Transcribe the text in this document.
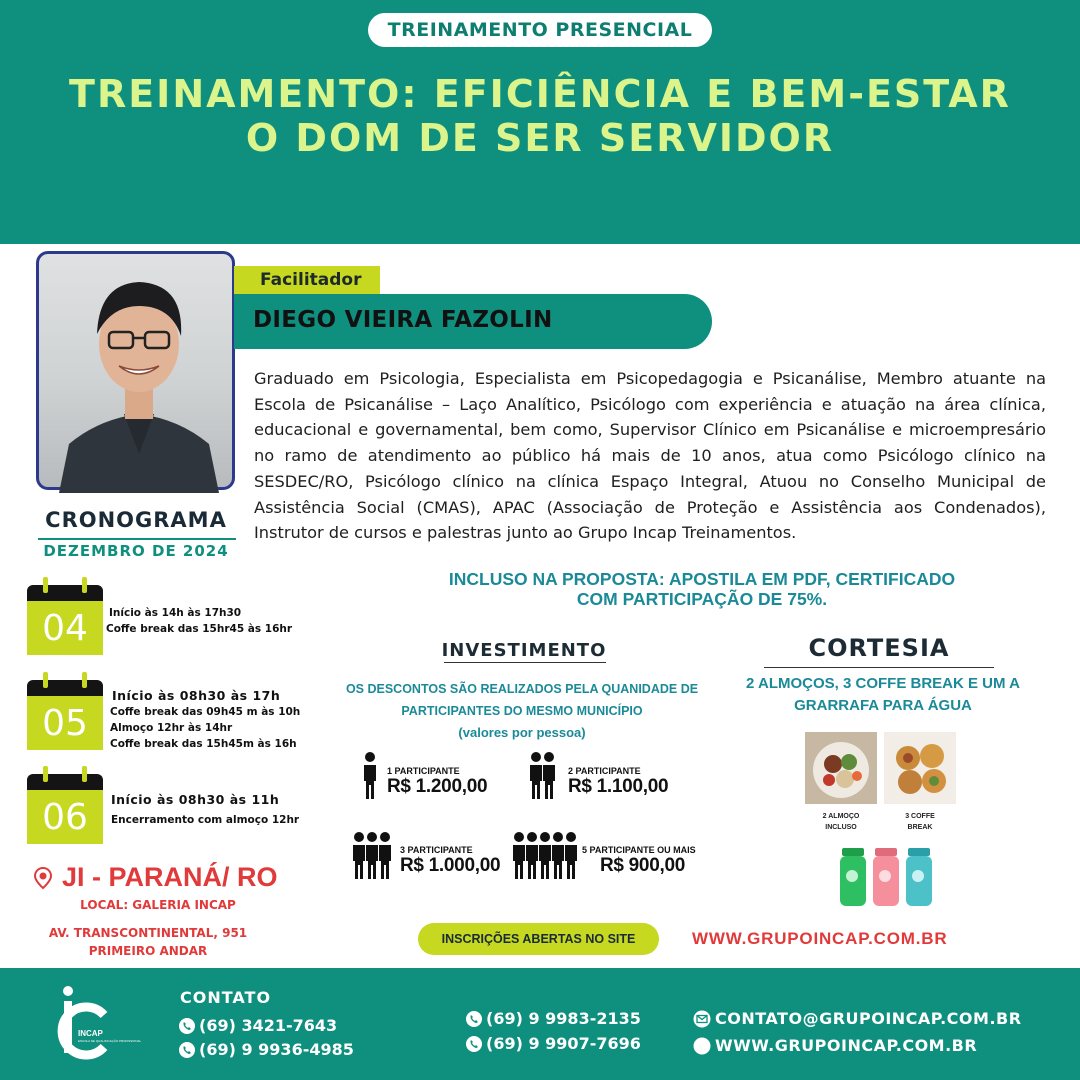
TREINAMENTO PRESENCIAL
TREINAMENTO: EFICIÊNCIA E BEM-ESTAR O DOM DE SER SERVIDOR
Facilitador
DIEGO VIEIRA FAZOLIN
Graduado em Psicologia, Especialista em Psicopedagogia e Psicanálise, Membro atuante na Escola de Psicanálise – Laço Analítico, Psicólogo com experiência e atuação na área clínica, educacional e governamental, bem como, Supervisor Clínico em Psicanálise e microempresário no ramo de atendimento ao público há mais de 10 anos, atua como Psicólogo clínico na SESDEC/RO, Psicólogo clínico na clínica Espaço Integral, Atuou no Conselho Municipal de Assistência Social (CMAS), APAC (Associação de Proteção e Assistência aos Condenados), Instrutor de cursos e palestras junto ao Grupo Incap Treinamentos.
CRONOGRAMA
DEZEMBRO DE 2024
04	Início às 14h às 17h30
Coffe break das 15hr45 às 16hr
05
Início às 08h30 às 17h
Coffe break das 09h45 m às 10h
Almoço 12hr às 14hr
Coffe break das 15h45m às 16h
06	Início às 08h30 às 11h
Encerramento com almoço 12hr
JI - PARANÁ/ RO
LOCAL: GALERIA INCAP
AV. TRANSCONTINENTAL, 951
PRIMEIRO ANDAR
INCLUSO NA PROPOSTA: APOSTILA EM PDF, CERTIFICADO
COM PARTICIPAÇÃO DE 75%.
INVESTIMENTO
OS DESCONTOS SÃO REALIZADOS PELA QUANIDADE DE
PARTICIPANTES DO MESMO MUNICÍPIO
(valores por pessoa)
1 PARTICIPANTE
R$ 1.200,00
2 PARTICIPANTE
R$ 1.100,00
3 PARTICIPANTE
R$ 1.000,00
5 PARTICIPANTE OU MAIS
R$ 900,00
CORTESIA
2 ALMOÇOS, 3 COFFE BREAK E UM A
GRARRAFA PARA ÁGUA
2 ALMOÇO
INCLUSO
3 COFFE
BREAK
INSCRIÇÕES ABERTAS NO SITE	WWW.GRUPOINCAP.COM.BR
INCAP
ESCOLA DE QUALIFICAÇÃO PROFISSIONAL
CONTATO
(69) 3421-7643
(69) 9 9936-4985
(69) 9 9983-2135
(69) 9 9907-7696
CONTATO@GRUPOINCAP.COM.BR
WWW.GRUPOINCAP.COM.BR
